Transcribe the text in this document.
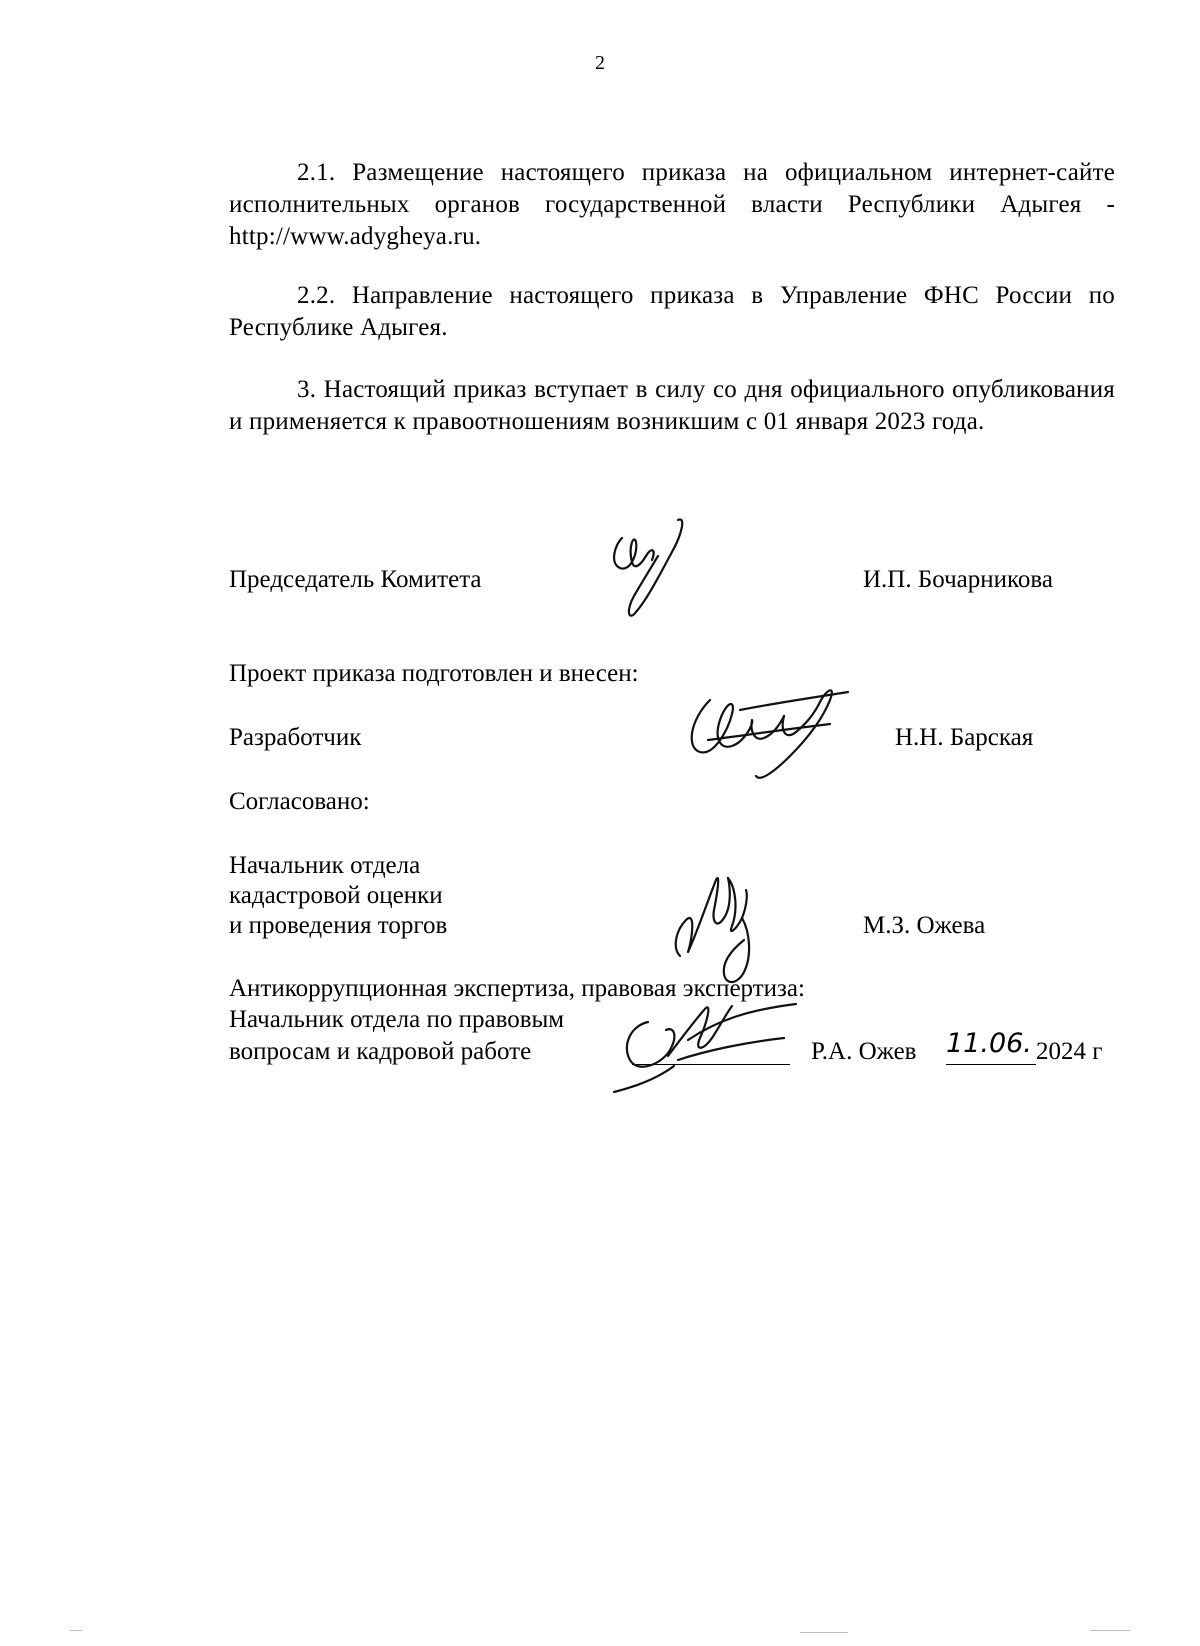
2
2.1. Размещение настоящего приказа на официальном интернет-сайте исполнительных органов государственной власти Республики Адыгея - http://www.adygheya.ru.
2.2. Направление настоящего приказа в Управление ФНС России по Республике Адыгея.
3. Настоящий приказ вступает в силу со дня официального опубликования и применяется к правоотношениям возникшим с 01 января 2023 года.
Председатель Комитета	И.П. Бочарникова
Проект приказа подготовлен и внесен:
Разработчик	Н.Н. Барская
Согласовано:
Начальник отдела
кадастровой оценки
и проведения торгов	М.З. Ожева
Антикоррупционная экспертиза, правовая экспертиза:
Начальник отдела по правовым
вопросам и кадровой работе	Р.А. Ожев 11.06. 2024 г
